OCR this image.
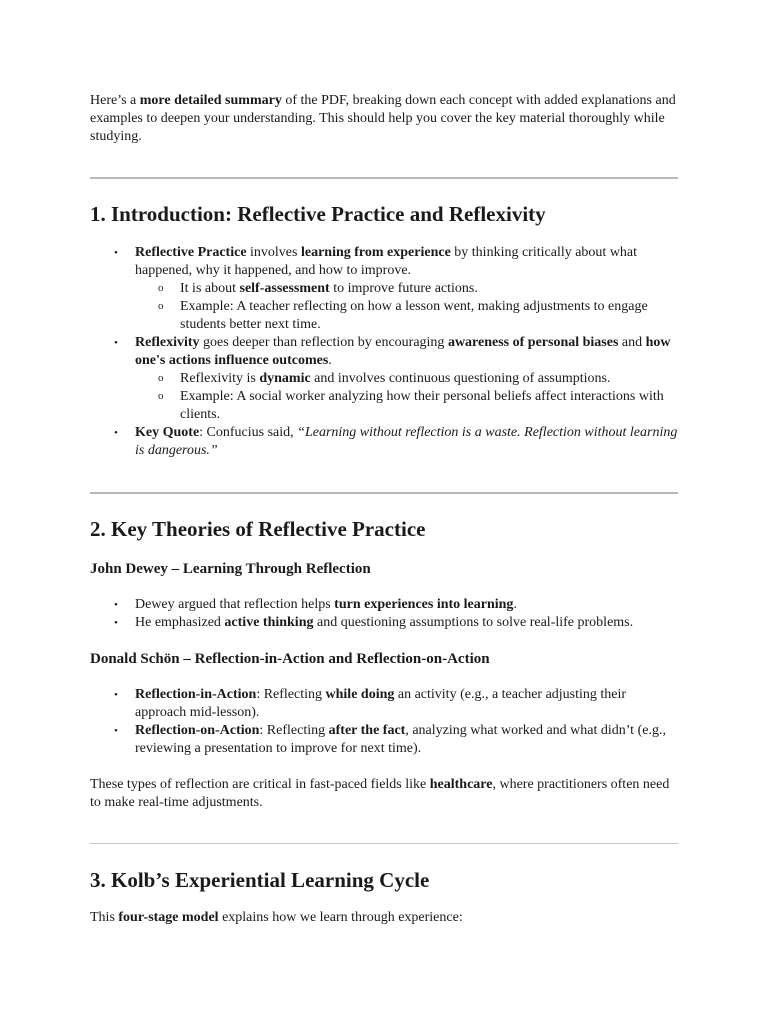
Here’s a more detailed summary of the PDF, breaking down each concept with added explanations and examples to deepen your understanding. This should help you cover the key material thoroughly while studying.

1. Introduction: Reflective Practice and Reflexivity
•	Reflective Practice involves learning from experience by thinking critically about what happened, why it happened, and how to improve.
o It is about self-assessment to improve future actions.
o Example: A teacher reflecting on how a lesson went, making adjustments to engage students better next time.
•	Reflexivity goes deeper than reflection by encouraging awareness of personal biases and how one's actions influence outcomes.
o Reflexivity is dynamic and involves continuous questioning of assumptions.
o Example: A social worker analyzing how their personal beliefs affect interactions with clients.
•	Key Quote: Confucius said, “Learning without reflection is a waste. Reflection without learning is dangerous.”
2. Key Theories of Reflective Practice
John Dewey – Learning Through Reflection
•	Dewey argued that reflection helps turn experiences into learning.
•	He emphasized active thinking and questioning assumptions to solve real-life problems.
Donald Schön – Reflection-in-Action and Reflection-on-Action
•	Reflection-in-Action: Reflecting while doing an activity (e.g., a teacher adjusting their approach mid-lesson).
•	Reflection-on-Action: Reflecting after the fact, analyzing what worked and what didn’t (e.g., reviewing a presentation to improve for next time).

These types of reflection are critical in fast-paced fields like healthcare, where practitioners often need to make real-time adjustments.

3. Kolb’s Experiential Learning Cycle

This four-stage model explains how we learn through experience:
